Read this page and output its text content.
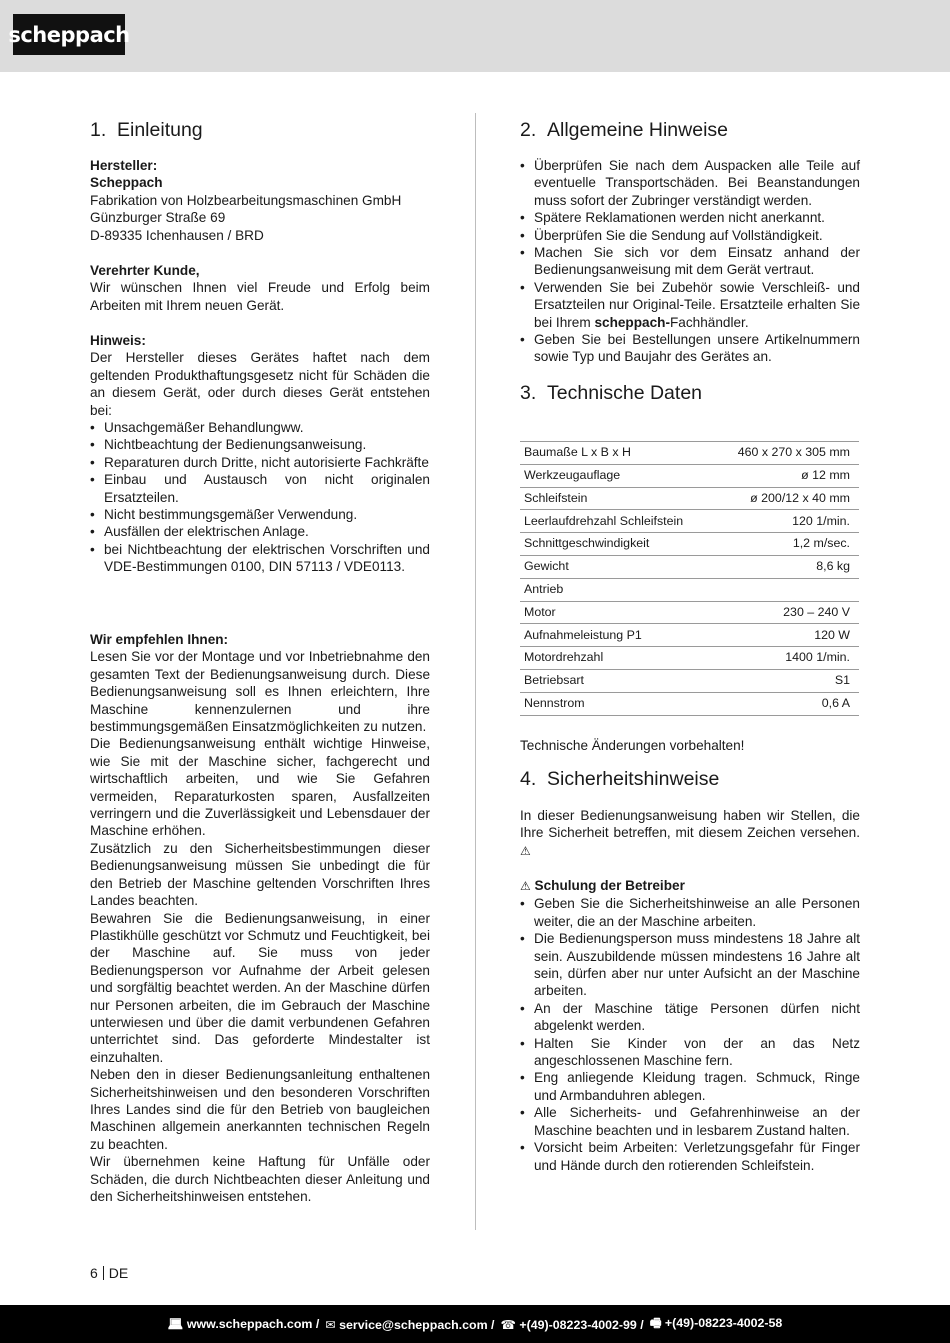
scheppach
1. Einleitung

Hersteller:

Scheppach

Fabrikation von Holzbearbeitungsmaschinen GmbH

Günzburger Straße 69

D-89335 Ichenhausen / BRD

Verehrter Kunde,

Wir wünschen Ihnen viel Freude und Erfolg beim Arbeiten mit Ihrem neuen Gerät.

Hinweis:

Der Hersteller dieses Gerätes haftet nach dem geltenden Produkthaftungsgesetz nicht für Schäden die an diesem Gerät, oder durch dieses Gerät entstehen bei:

• Unsachgemäßer Behandlungww.
• Nichtbeachtung der Bedienungsanweisung.
• Reparaturen durch Dritte, nicht autorisierte Fachkräfte
• Einbau und Austausch von nicht originalen Ersatzteilen.
• Nicht bestimmungsgemäßer Verwendung.
• Ausfällen der elektrischen Anlage.
• bei Nichtbeachtung der elektrischen Vorschriften und VDE-Bestimmungen 0100, DIN 57113 / VDE0113.

Wir empfehlen Ihnen:

Lesen Sie vor der Montage und vor Inbetriebnahme den gesamten Text der Bedienungsanweisung durch. Diese Bedienungsanweisung soll es Ihnen erleichtern, Ihre Maschine kennenzulernen und ihre bestimmungsgemäßen Einsatzmöglichkeiten zu nutzen.

Die Bedienungsanweisung enthält wichtige Hinweise, wie Sie mit der Maschine sicher, fachgerecht und wirtschaftlich arbeiten, und wie Sie Gefahren vermeiden, Reparaturkosten sparen, Ausfallzeiten verringern und die Zuverlässigkeit und Lebensdauer der Maschine erhöhen.

Zusätzlich zu den Sicherheitsbestimmungen dieser Bedienungsanweisung müssen Sie unbedingt die für den Betrieb der Maschine geltenden Vorschriften Ihres Landes beachten.

Bewahren Sie die Bedienungsanweisung, in einer Plastikhülle geschützt vor Schmutz und Feuchtigkeit, bei der Maschine auf. Sie muss von jeder Bedienungsperson vor Aufnahme der Arbeit gelesen und sorgfältig beachtet werden. An der Maschine dürfen nur Personen arbeiten, die im Gebrauch der Maschine unterwiesen und über die damit verbundenen Gefahren unterrichtet sind. Das geforderte Mindestalter ist einzuhalten.

Neben den in dieser Bedienungsanleitung enthaltenen Sicherheitshinweisen und den besonderen Vorschriften Ihres Landes sind die für den Betrieb von baugleichen Maschinen allgemein anerkannten technischen Regeln zu beachten.

Wir übernehmen keine Haftung für Unfälle oder Schäden, die durch Nichtbeachten dieser Anleitung und den Sicherheitshinweisen entstehen.

2. Allgemeine Hinweise
• Überprüfen Sie nach dem Auspacken alle Teile auf eventuelle Transportschäden. Bei Beanstandungen muss sofort der Zubringer verständigt werden.
• Spätere Reklamationen werden nicht anerkannt.
• Überprüfen Sie die Sendung auf Vollständigkeit.
• Machen Sie sich vor dem Einsatz anhand der Bedienungsanweisung mit dem Gerät vertraut.
• Verwenden Sie bei Zubehör sowie Verschleiß- und Ersatzteilen nur Original-Teile. Ersatzteile erhalten Sie bei Ihrem scheppach-Fachhändler.
• Geben Sie bei Bestellungen unsere Artikelnummern sowie Typ und Baujahr des Gerätes an.
3. Technische Daten
Baumaße L x B x H	460 x 270 x 305 mm
Werkzeugauflage	ø 12 mm
Schleifstein	ø 200/12 x 40 mm
Leerlaufdrehzahl Schleifstein	120 1/min.
Schnittgeschwindigkeit	1,2 m/sec.
Gewicht	8,6 kg
Antrieb	
Motor	230 – 240 V
Aufnahmeleistung P1	120 W
Motordrehzahl	1400 1/min.
Betriebsart	S1
Nennstrom	0,6 A

Technische Änderungen vorbehalten!

4. Sicherheitshinweise

In dieser Bedienungsanweisung haben wir Stellen, die Ihre Sicherheit betreffen, mit diesem Zeichen versehen. ⚠

⚠ Schulung der Betreiber

• Geben Sie die Sicherheitshinweise an alle Personen weiter, die an der Maschine arbeiten.
• Die Bedienungsperson muss mindestens 18 Jahre alt sein. Auszubildende müssen mindestens 16 Jahre alt sein, dürfen aber nur unter Aufsicht an der Maschine arbeiten.
• An der Maschine tätige Personen dürfen nicht abgelenkt werden.
• Halten Sie Kinder von der an das Netz angeschlossenen Maschine fern.
• Eng anliegende Kleidung tragen. Schmuck, Ringe und Armbanduhren ablegen.
• Alle Sicherheits- und Gefahrenhinweise an der Maschine beachten und in lesbarem Zustand halten.
• Vorsicht beim Arbeiten: Verletzungsgefahr für Finger und Hände durch den rotierenden Schleifstein.
6 DE
💻︎ www.scheppach.com / ✉ service@scheppach.com / ☎ +(49)-08223-4002-99 / 🖷︎ +(49)-08223-4002-58
